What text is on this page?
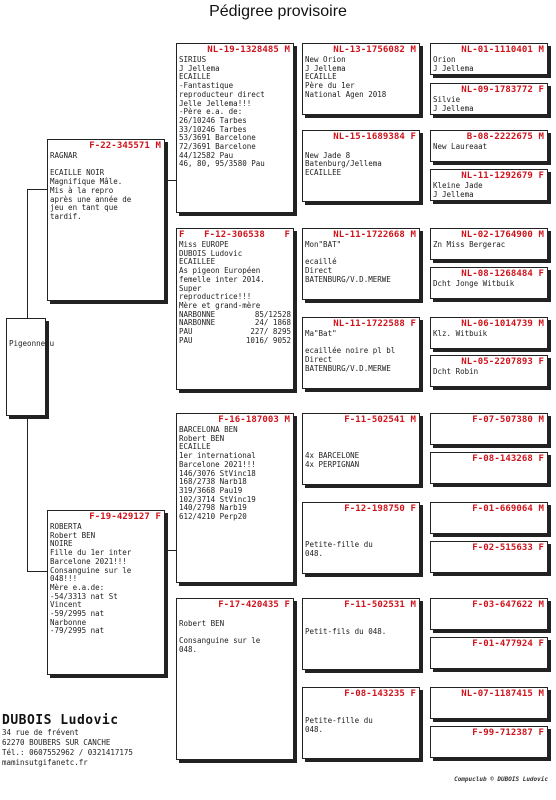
Pédigree provisoire
Pigeonneau
F-22-345571 M
RAGNAR

ECAILLE NOIR
Magnifique Mâle.
Mis à la repro
après une année de
jeu en tant que
tardif.
F-19-429127 F
ROBERTA
Robert BEN
NOIRE
Fille du 1er inter
Barcelone 2021!!!
Consanguine sur le
048!!!
Mère e.a.de:
-54/3313 nat St
Vincent
-59/2995 nat
Narbonne
-79/2995 nat
NL-19-1328485 M
SIRIUS
J Jellema
ECAILLE
-Fantastique
reproducteur direct
Jelle Jellema!!!
-Père e.a. de:
26/10246 Tarbes
33/10246 Tarbes
53/3691 Barcelone
72/3691 Barcelone
44/12582 Pau
46, 80, 95/3580 Pau
F F-12-306538 F
Miss EUROPE
DUBOIS Ludovic
ECAILLEE
As pigeon Européen
femelle inter 2014.
Super
reproductrice!!!
Mère et grand-mère
NARBONNE	85/12528
NARBONNE	24/ 1868
PAU	227/ 8295
PAU	1016/ 9052
F-16-187003 M
BARCELONA BEN
Robert BEN
ECAILLE
1er international
Barcelone 2021!!!
146/3076 StVinc18
168/2738 Narb18
319/3668 Pau19
102/3714 StVinc19
140/2798 Narb19
612/4210 Perp20
F-17-420435 F

Robert BEN

Consanguine sur le
048.
NL-13-1756082 M
New Orion
J Jellema
ECAILLE
Père du 1er
National Agen 2018
NL-15-1689384 F

New Jade 8
Batenburg/Jellema
ECAILLEE
NL-11-1722668 M
Mon"BAT"

ecaillé
Direct
BATENBURG/V.D.MERWE
NL-11-1722588 F
Ma"Bat"

ecaillée noire pl bl
Direct
BATENBURG/V.D.MERWE
F-11-502541 M

4x BARCELONE
4x PERPIGNAN
F-12-198750 F

Petite-fille du
048.
F-11-502531 M

Petit-fils du 048.
F-08-143235 F

Petite-fille du
048.
NL-01-1110401 M
Orion
J Jellema
NL-09-1783772 F
Silvie
J Jellema
B-08-2222675 M
New Laureaat
NL-11-1292679 F
Kleine Jade
J Jellema
NL-02-1764900 M
Zn Miss Bergerac
NL-08-1268484 F
Dcht Jonge Witbuik
NL-06-1014739 M
Klz. Witbuik
NL-05-2207893 F
Dcht Robin
F-07-507380 M
F-08-143268 F
F-01-669064 M
F-02-515633 F
F-03-647622 M
F-01-477924 F
NL-07-1187415 M
F-99-712387 F
DUBOIS Ludovic
34 rue de frévent
62270 BOUBERS SUR CANCHE
Tél.: 0607552962 / 0321417175
maminsutgifanetc.fr
Compuclub © DUBOIS Ludovic
